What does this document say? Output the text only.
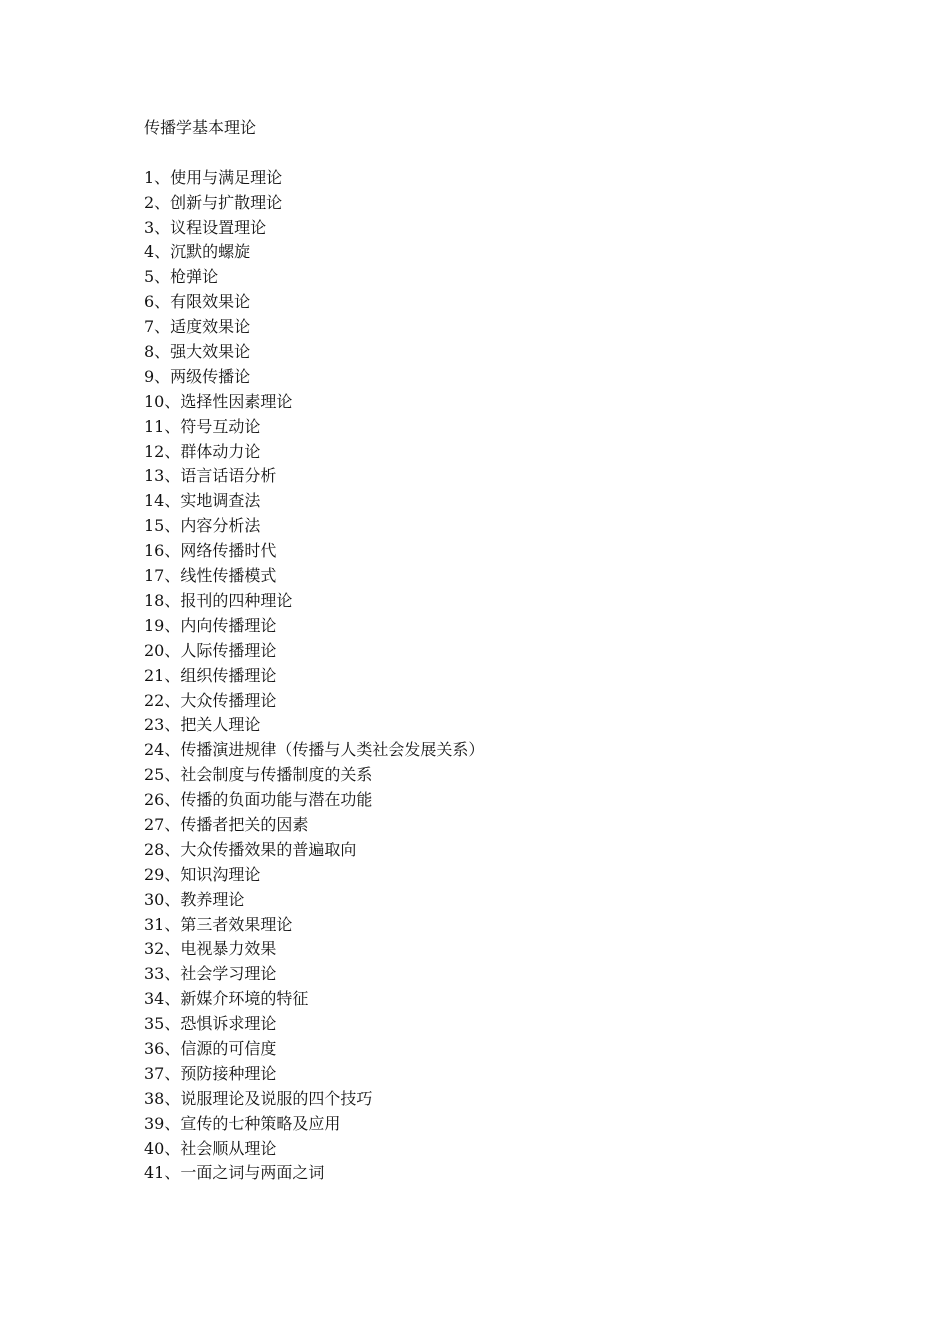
传播学基本理论
1、使用与满足理论
2、创新与扩散理论
3、议程设置理论
4、沉默的螺旋
5、枪弹论
6、有限效果论
7、适度效果论
8、强大效果论
9、两级传播论
10、选择性因素理论
11、符号互动论
12、群体动力论
13、语言话语分析
14、实地调查法
15、内容分析法
16、网络传播时代
17、线性传播模式
18、报刊的四种理论
19、内向传播理论
20、人际传播理论
21、组织传播理论
22、大众传播理论
23、把关人理论
24、传播演进规律（传播与人类社会发展关系）
25、社会制度与传播制度的关系
26、传播的负面功能与潜在功能
27、传播者把关的因素
28、大众传播效果的普遍取向
29、知识沟理论
30、教养理论
31、第三者效果理论
32、电视暴力效果
33、社会学习理论
34、新媒介环境的特征
35、恐惧诉求理论
36、信源的可信度
37、预防接种理论
38、说服理论及说服的四个技巧
39、宣传的七种策略及应用
40、社会顺从理论
41、一面之词与两面之词
